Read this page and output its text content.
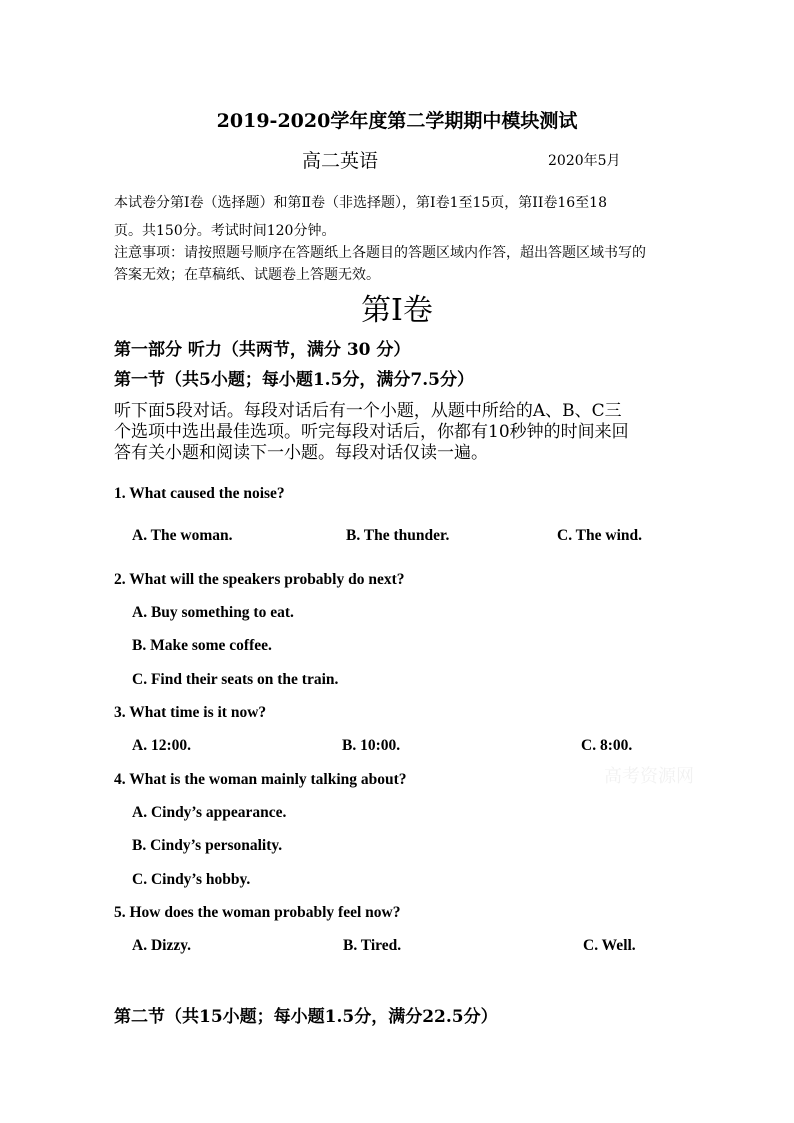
2019-2020学年度第二学期期中模块测试
高二英语	2020年5月
本试卷分第Ⅰ卷（选择题）和第Ⅱ卷（非选择题），第Ⅰ卷1至15页，第II卷16至18
页。共150分。考试时间120分钟。
注意事项：请按照题号顺序在答题纸上各题目的答题区域内作答，超出答题区域书写的
答案无效；在草稿纸、试题卷上答题无效。
第Ⅰ卷
第一部分 听力（共两节，满分 30 分）
第一节（共5小题；每小题1.5分，满分7.5分）
听下面5段对话。每段对话后有一个小题，从题中所给的A、B、C三
个选项中选出最佳选项。听完每段对话后，你都有10秒钟的时间来回
答有关小题和阅读下一小题。每段对话仅读一遍。
1. What caused the noise?
A. The woman.	B. The thunder.	C. The wind.
2. What will the speakers probably do next?
A. Buy something to eat.
B. Make some coffee.
C. Find their seats on the train.
3. What time is it now?
A. 12:00.	B. 10:00.	C. 8:00.
4. What is the woman mainly talking about?
A. Cindy’s appearance.
B. Cindy’s personality.
C. Cindy’s hobby.
5. How does the woman probably feel now?
A. Dizzy.	B. Tired.	C. Well.
第二节（共15小题；每小题1.5分，满分22.5分）
高考资源网
